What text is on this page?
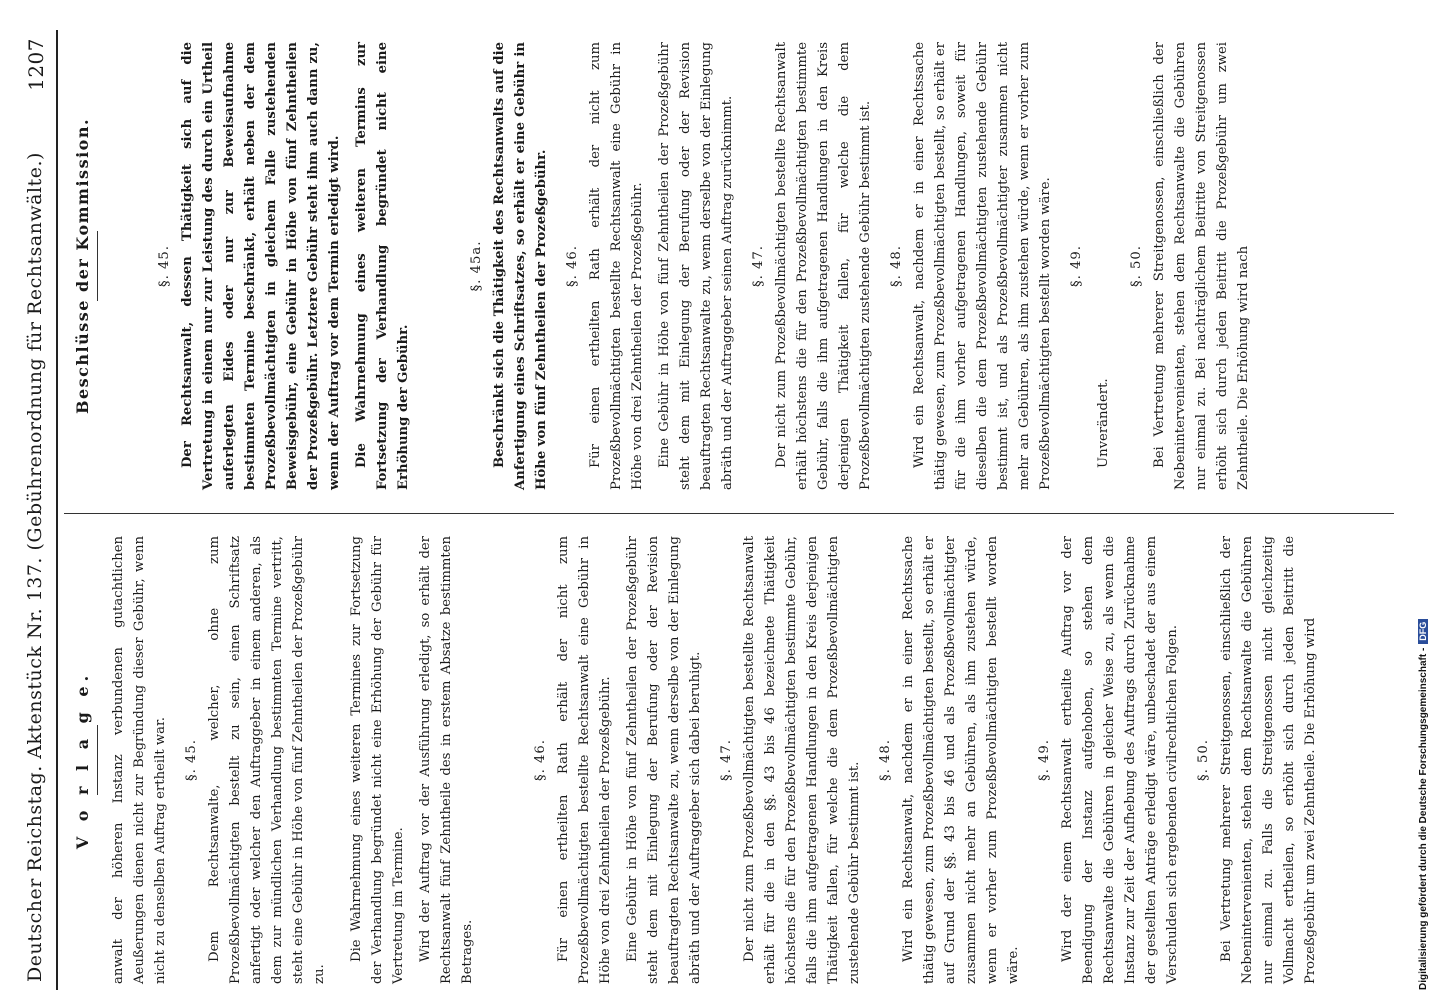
Deutscher Reichstag. Aktenstück Nr. 137. (Gebührenordnung für Rechtsanwälte.)
1207
V o r l a g e. anwalt der höheren Instanz verbundenen gutachtlichen Aeußerungen dienen nicht zur Begründung dieser Gebühr, wenn nicht zu denselben Auftrag ertheilt war. §. 45. Dem Rechtsanwalte, welcher, ohne zum Prozeßbevollmächtigten bestellt zu sein, einen Schriftsatz anfertigt oder welcher den Auftraggeber in einem anderen, als dem zur mündlichen Verhandlung bestimmten Termine vertritt, steht eine Gebühr in Höhe von fünf Zehntheilen der Prozeßgebühr zu.

Die Wahrnehmung eines weiteren Termines zur Fortsetzung der Verhandlung begründet nicht eine Erhöhung der Gebühr für Vertretung im Termine. Wird der Auftrag vor der Ausführung erledigt, so erhält der Rechtsanwalt fünf Zehntheile des in erstem Absatze bestimmten Betrages.

§. 46. Für einen ertheilten Rath erhält der nicht zum Prozeßbevollmächtigten bestellte Rechtsanwalt eine Gebühr in Höhe von drei Zehntheilen der Prozeßgebühr. Eine Gebühr in Höhe von fünf Zehntheilen der Prozeßgebühr steht dem mit Einlegung der Berufung oder der Revision beauftragten Rechtsanwalte zu, wenn derselbe von der Einlegung abräth und der Auftraggeber sich dabei beruhigt. §. 47. Der nicht zum Prozeßbevollmächtigten bestellte Rechtsanwalt erhält für die in den §§. 43 bis 46 bezeichnete Thätigkeit höchstens die für den Prozeßbevollmächtigten bestimmte Gebühr, falls die ihm aufgetragenen Handlungen in den Kreis derjenigen Thätigkeit fallen, für welche die dem Prozeßbevollmächtigten zustehende Gebühr bestimmt ist.

§. 48. Wird ein Rechtsanwalt, nachdem er in einer Rechtssache thätig gewesen, zum Prozeßbevollmächtigten bestellt, so erhält er auf Grund der §§. 43 bis 46 und als Prozeßbevollmächtigter zusammen nicht mehr an Gebühren, als ihm zustehen würde, wenn er vorher zum Prozeßbevollmächtigten bestellt worden wäre.

§. 49. Wird der einem Rechtsanwalt ertheilte Auftrag vor der Beendigung der Instanz aufgehoben, so stehen dem Rechtsanwalte die Gebühren in gleicher Weise zu, als wenn die Instanz zur Zeit der Aufhebung des Auftrags durch Zurücknahme der gestellten Anträge erledigt wäre, unbeschadet der aus einem Verschulden sich ergebenden civilrechtlichen Folgen. §. 50. Bei Vertretung mehrerer Streitgenossen, einschließlich der Nebenintervenienten, stehen dem Rechtsanwalte die Gebühren nur einmal zu. Falls die Streitgenossen nicht gleichzeitig Vollmacht ertheilen, so erhöht sich durch jeden Beitritt die Prozeßgebühr um zwei Zehntheile. Die Erhöhung wird

Beschlüsse der Kommission.	§. 45. Der Rechtsanwalt, dessen Thätigkeit sich auf die Vertretung in einem nur zur Leistung des durch ein Urtheil auferlegten Eides oder nur zur Beweisaufnahme bestimmten Termine beschränkt, erhält neben der dem Prozeßbevollmächtigten in gleichem Falle zustehenden Beweisgebühr, eine Gebühr in Höhe von fünf Zehntheilen der Prozeßgebühr. Letztere Gebühr steht ihm auch dann zu, wenn der Auftrag vor dem Termin erledigt wird. Die Wahrnehmung eines weiteren Termins zur Fortsetzung der Verhandlung begründet nicht eine Erhöhung der Gebühr.

§. 45a. Beschränkt sich die Thätigkeit des Rechtsanwalts auf die Anfertigung eines Schriftsatzes, so erhält er eine Gebühr in Höhe von fünf Zehntheilen der Prozeßgebühr. §. 46. Für einen ertheilten Rath erhält der nicht zum Prozeßbevollmächtigten bestellte Rechtsanwalt eine Gebühr in Höhe von drei Zehntheilen der Prozeßgebühr. Eine Gebühr in Höhe von fünf Zehntheilen der Prozeßgebühr steht dem mit Einlegung der Berufung oder der Revision beauftragten Rechtsanwalte zu, wenn derselbe von der Einlegung abräth und der Auftraggeber seinen Auftrag zurücknimmt. §. 47. Der nicht zum Prozeßbevollmächtigten bestellte Rechtsanwalt erhält höchstens die für den Prozeßbevollmächtigten bestimmte Gebühr, falls die ihm aufgetragenen Handlungen in den Kreis derjenigen Thätigkeit fallen, für welche die dem Prozeßbevollmächtigten zustehende Gebühr bestimmt ist. §. 48. Wird ein Rechtsanwalt, nachdem er in einer Rechtssache thätig gewesen, zum Prozeßbevollmächtigten bestellt, so erhält er für die ihm vorher aufgetragenen Handlungen, soweit für dieselben die dem Prozeßbevollmächtigten zustehende Gebühr bestimmt ist, und als Prozeßbevollmächtigter zusammen nicht mehr an Gebühren, als ihm zustehen würde, wenn er vorher zum Prozeßbevollmächtigten bestellt worden wäre. §. 49.

Unverändert.

§. 50. Bei Vertretung mehrerer Streitgenossen, einschließlich der Nebenintervenienten, stehen dem Rechtsanwalte die Gebühren nur einmal zu. Bei nachträglichem Beitritte von Streitgenossen erhöht sich durch jeden Beitritt die Prozeßgebühr um zwei Zehntheile. Die Erhöhung wird nach

Digitalisierung gefördert durch die Deutsche Forschungsgemeinschaft -DFG
